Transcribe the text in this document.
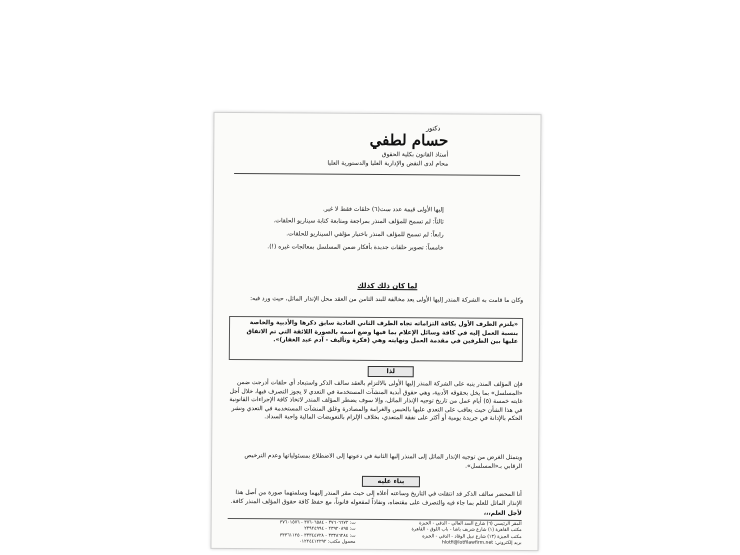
دكتور
حسام لطفي
أستاذ القانون بكلية الحقوق
محام لدى النقض والإدارية العليا والدستورية العليا
إليها الأولى قيمة عدد ست(٦) حلقات فقط لا غير.
ثالثاً: لم تسمح للمؤلف المنذر بمراجعة ومتابعة كتابة سيناريو الحلقات.
رابعاً: لم تسمح للمؤلف المنذر باختيار مؤلفي السيناريو للحلقات.
خامساً: تصوير حلقات جديدة بأفكار ضمن المسلسل بمعالجات غيره (!).
لما كان ذلك كذلك
وكان ما قامت به الشركة المنذر إليها الأولى يعد مخالفة للبند الثامن من العقد محل الإنذار الماثل، حيث ورد فيه:
«يلتزم الطرف الأول بكافة التزاماته تجاه الطرف الثاني العادية سابق ذكرها والأدبية والخاصة بنسبة العمل إليه في كافة وسائل الإعلام بما فيها وضع اسمه بالصورة اللائقة التي تم الاتفاق عليها بين الطرفين في مقدمة العمل ونهايته وهي (فكرة وتأليف - آدم عبد الغفار)».
لذا
فإن المؤلف المنذر ينبه على الشركة المنذر إليها الأولى بالالتزام بالعقد سالف الذكر واستبعاد أي حلقات أدرجت ضمن «المسلسل» بما يخل بحقوقه الأدبية، وهي حقوق أبدية المنشآت المستخدمة في التعدي لا يجوز التصرف فيها، خلال أجل غايته خمسة (٥) أيام عمل من تاريخ توجيه الإنذار الماثل، وإلا سوف يضطر المؤلف المنذر لاتخاذ كافة الإجراءات القانونية في هذا الشأن حيث يعاقب على التعدي عليها بالحبس والغرامة والمصادرة وغلق المنشآت المستخدمة في التعدي ونشر الحكم بالإدانة في جريدة يومية أو أكثر على نفقة المتعدي، بخلاف الإلزام بالتعويضات المالية واجبة السداد.
ويتمثل الغرض من توجيه الإنذار الماثل إلى المنذر إليها الثانية في دعوتها إلى الاضطلاع بمسئولياتها وعدم الترخيص الرقابي بـ«المسلسل».
بناء عليه
أنا المحضر سالف الذكر قد انتقلت في التاريخ وساعته أعلاه إلى حيث مقر المنذر إليهما وسلمتهما صورة من أصل هذا الإنذار الماثل للعلم بما جاء فيه والتصرف على مقتضاه، ونفاذاً لمفعوله قانوناً، مع حفظ كافة حقوق المؤلف المنذر كافة.
لأجل العلم،،،
المقر الرئيسي (٦) شارع السد العالي - الدقي - الجيزة
مكتب القاهرة (١) شارع شريف باشا - باب اللوق - القاهرة
مكتب الجيزة (١٣) شارع نبيل الوقاد - الدقي - الجيزة
بريد إلكتروني: hlotfi@lotfilawfirm.net
ت: ٣٧٦٠٦٦٧٢ - ٣٧٦٠٦٥٨٤ - ٣٧٦٠١٥٧٦
ت: ٢٣٩٢٠٨٩٥ - ٢٣٩٢٤٩٩٤
ت: ٣٣٣٨٦٢٨٤ - ٣٣٣٤٤٧٢٨ - ٣٣٣٦١١٢٥
محمول مكتب: ٠١٢٢٤٤١٢٢٩٢
